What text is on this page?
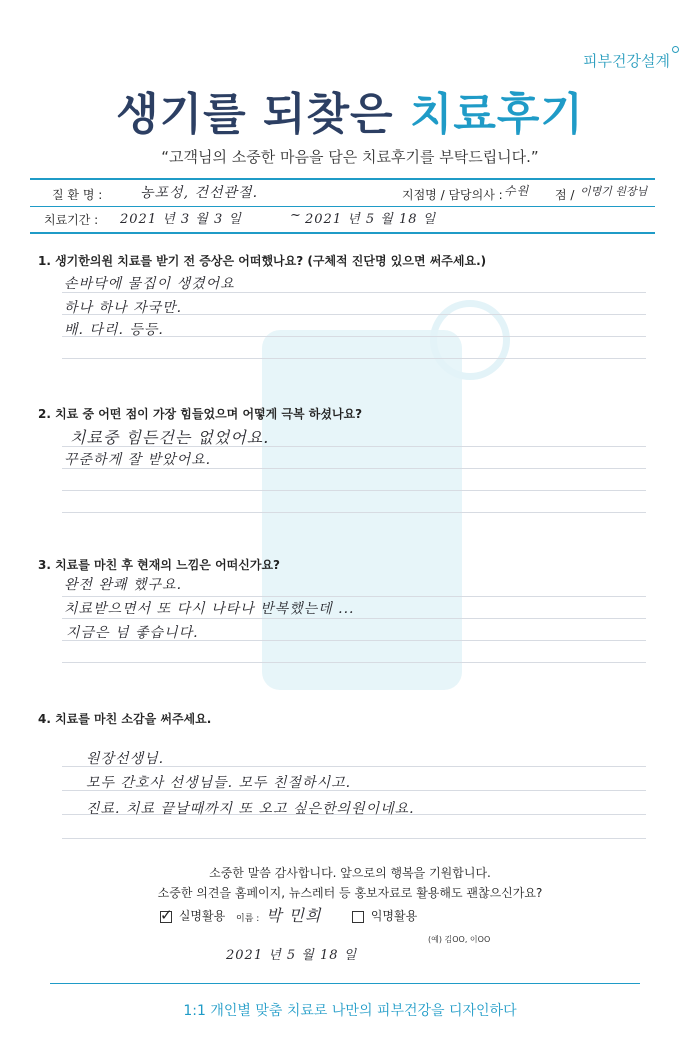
피부건강설계
생기를 되찾은 치료후기
“고객님의 소중한 마음을 담은 치료후기를 부탁드립니다.”
질 환 명 :	농포성, 건선관절.	지점명 / 담당의사 : 수원 점 / 이명기 원장님
치료기간 : 2021 년 3 월 3 일	~ 2021 년 5 월 18 일
1. 생기한의원 치료를 받기 전 증상은 어떠했나요? (구체적 진단명 있으면 써주세요.)
손바닥에 물집이 생겼어요
하나 하나 자국만.
배. 다리. 등등.
2. 치료 중 어떤 점이 가장 힘들었으며 어떻게 극복 하셨나요?
치료중 힘든건는 없었어요.
꾸준하게 잘 받았어요.
3. 치료를 마친 후 현재의 느낌은 어떠신가요?
완전 완쾌 했구요.
치료받으면서 또 다시 나타나 반복했는데 ...
지금은 넘 좋습니다.
4. 치료를 마친 소감을 써주세요.
원장선생님.
모두 간호사 선생님들. 모두 친절하시고.
진료. 치료 끝날때까지 또 오고 싶은한의원이네요.
소중한 말씀 감사합니다. 앞으로의 행복을 기원합니다.
소중한 의견을 홈페이지, 뉴스레터 등 홍보자료로 활용해도 괜찮으신가요?
✓ 실명활용 이름 : 박 민희	익명활용
(예) 김OO, 이OO
2021 년 5 월 18 일
1:1 개인별 맞춤 치료로 나만의 피부건강을 디자인하다
